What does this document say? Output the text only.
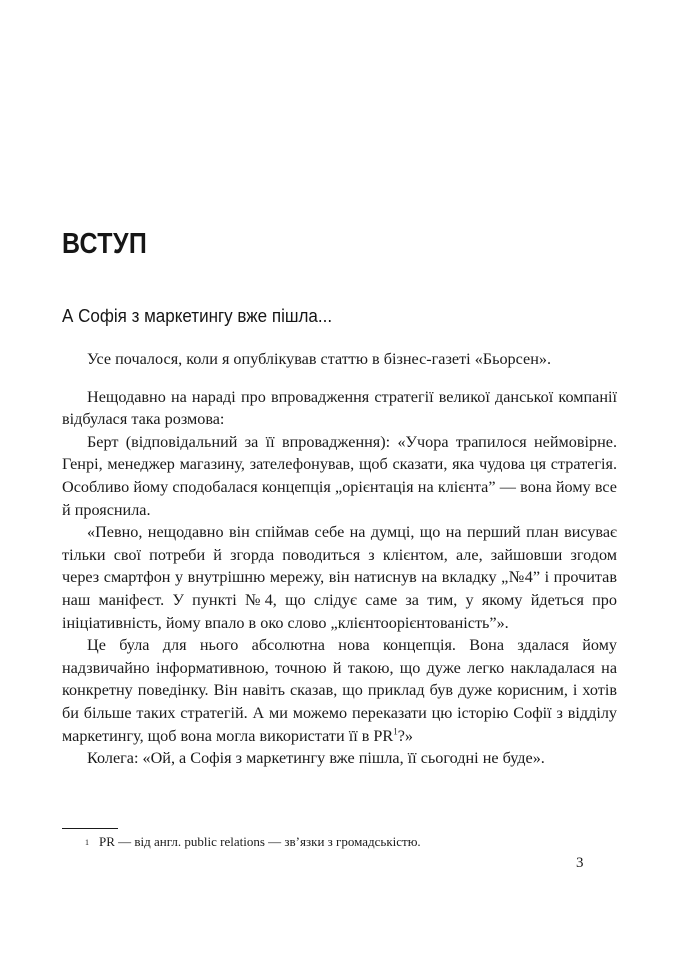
ВСТУП
А Софія з маркетингу вже пішла...

Усе почалося, коли я опублікував статтю в бізнес-газеті «Бьорсен».

Нещодавно на нараді про впровадження стратегії великої данської компанії відбулася така розмова:

Берт (відповідальний за її впровадження): «Учора трапилося неймовірне. Генрі, менеджер магазину, зателефонував, щоб сказати, яка чудова ця стратегія. Особливо йому сподобалася концепція „орієнтація на клієнта” — вона йому все й прояснила.

«Певно, нещодавно він спіймав себе на думці, що на перший план висуває тільки свої потреби й згорда поводиться з клієнтом, але, зайшовши згодом через смартфон у внутрішню мережу, він натиснув на вкладку „№4” і прочитав наш маніфест. У пункті №4, що слідує саме за тим, у якому йдеться про ініціативність, йому впало в око слово „клієнтоорієнтованість”».

Це була для нього абсолютна нова концепція. Вона здалася йому надзвичайно інформативною, точною й такою, що дуже легко накладалася на конкретну поведінку. Він навіть сказав, що приклад був дуже корисним, і хотів би більше таких стратегій. А ми можемо переказати цю історію Софії з відділу маркетингу, щоб вона могла використати її в PR$^1$?»

Колега: «Ой, а Софія з маркетингу вже пішла, її сьогодні не буде».

$^1$ PR — від англ. public relations — зв’язки з громадськістю.

3
